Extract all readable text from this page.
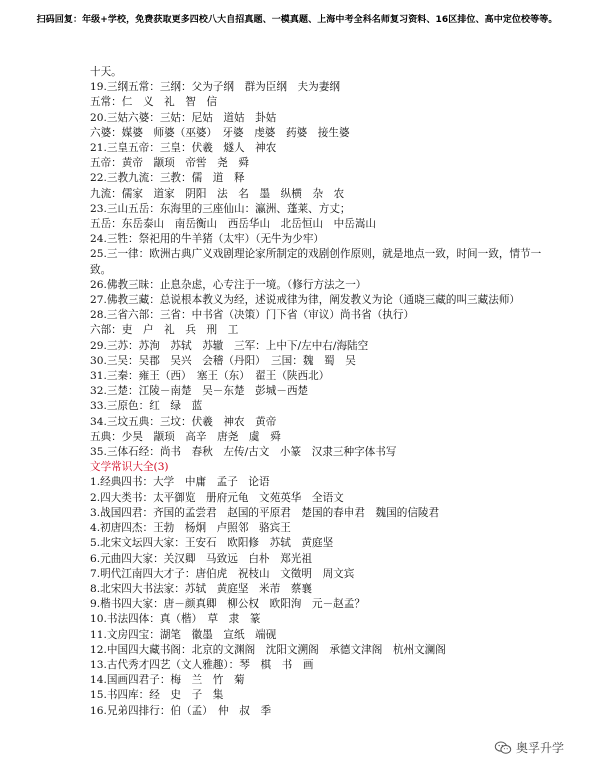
扫码回复：年级+学校，免费获取更多四校八大自招真题、一模真题、上海中考全科名师复习资料、16区排位、高中定位校等等。
十天。
19.三纲五常：三纲：父为子纲　群为臣纲　夫为妻纲
五常：仁　义　礼　智　信
20.三姑六婆：三姑：尼姑　道姑　卦姑
六婆：媒婆　师婆（巫婆）　牙婆　虔婆　药婆　接生婆
21.三皇五帝：三皇：伏羲　燧人　神农
五帝：黄帝　颛顼　帝喾　尧　舜
22.三教九流：三教：儒　道　释
九流：儒家　道家　阴阳　法　名　墨　纵横　杂　农
23.三山五岳：东海里的三座仙山：瀛洲、蓬莱、方丈；
五岳：东岳泰山　南岳衡山　西岳华山　北岳恒山　中岳嵩山
24.三牲：祭祀用的牛羊猪（太牢）（无牛为少牢）
25.三一律：欧洲古典广义戏剧理论家所制定的戏剧创作原则，就是地点一致，时间一致，情节一致。
26.佛教三昧：止息杂虑，心专注于一境。（修行方法之一）
27.佛教三藏：总说根本教义为经，述说戒律为律，阐发教义为论（通晓三藏的叫三藏法师）
28.三省六部：三省：中书省（决策）门下省（审议）尚书省（执行）
六部：吏　户　礼　兵　刑　工
29.三苏：苏洵　苏轼　苏辙　三军：上中下/左中右/海陆空
30.三吴：吴郡　吴兴　会稽（丹阳）　三国：魏　蜀　吴
31.三秦：雍王（西）　塞王（东）　翟王（陕西北）
32.三楚：江陵－南楚　吴－东楚　彭城－西楚
33.三原色：红　绿　蓝
34.三坟五典：三坟：伏羲　神农　黄帝
五典：少昊　颛顼　高辛　唐尧　虞　舜
35.三体石经：尚书　春秋　左传/古文　小篆　汉隶三种字体书写
文学常识大全(3)
1.经典四书：大学　中庸　孟子　论语
2.四大类书：太平御览　册府元龟　文苑英华　全语文
3.战国四君：齐国的孟尝君　赵国的平原君　楚国的春申君　魏国的信陵君
4.初唐四杰：王勃　杨炯　卢照邻　骆宾王
5.北宋文坛四大家：王安石　欧阳修　苏轼　黄庭坚
6.元曲四大家：关汉卿　马致远　白朴　郑光祖
7.明代江南四大才子：唐伯虎　祝枝山　文徵明　周文宾
8.北宋四大书法家：苏轼　黄庭坚　米芾　蔡襄
9.楷书四大家：唐－颜真卿　柳公权　欧阳洵　元－赵孟？
10.书法四体：真（楷）　草　隶　篆
11.文房四宝：湖笔　徽墨　宣纸　端砚
12.中国四大藏书阁：北京的文渊阁　沈阳文溯阁　承德文津阁　杭州文澜阁
13.古代秀才四艺（文人雅趣）：琴　棋　书　画
14.国画四君子：梅　兰　竹　菊
15.书四库：经　史　子　集
16.兄弟四排行：伯（孟）　仲　叔　季
奥孚升学
